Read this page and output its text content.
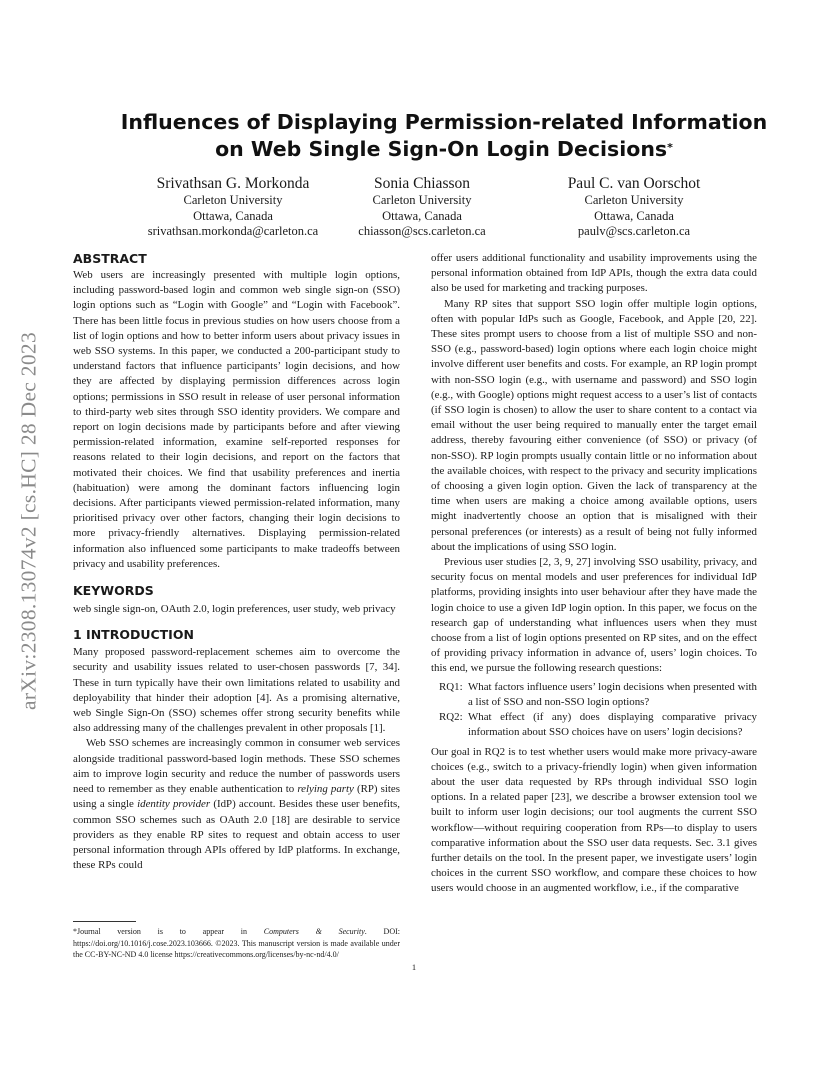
arXiv:2308.13074v2 [cs.HC] 28 Dec 2023
Influences of Displaying Permission-related Information
on Web Single Sign-On Login Decisions*
Srivathsan G. Morkonda
Carleton University
Ottawa, Canada
srivathsan.morkonda@carleton.ca
Sonia Chiasson
Carleton University
Ottawa, Canada
chiasson@scs.carleton.ca
Paul C. van Oorschot
Carleton University
Ottawa, Canada
paulv@scs.carleton.ca
ABSTRACT

Web users are increasingly presented with multiple login options, including password-based login and common web single sign-on (SSO) login options such as “Login with Google” and “Login with Facebook”. There has been little focus in previous studies on how users choose from a list of login options and how to better inform users about privacy issues in web SSO systems. In this paper, we conducted a 200-participant study to understand factors that influence participants’ login decisions, and how they are affected by displaying permission differences across login options; permissions in SSO result in release of user personal information to third-party web sites through SSO identity providers. We compare and report on login decisions made by participants before and after viewing permission-related information, examine self-reported responses for reasons related to their login decisions, and report on the factors that motivated their choices. We find that usability preferences and inertia (habituation) were among the dominant factors influencing login decisions. After participants viewed permission-related information, many prioritised privacy over other factors, changing their login decisions to more privacy-friendly alternatives. Displaying permission-related information also influenced some participants to make tradeoffs between privacy and usability preferences.

KEYWORDS

web single sign-on, OAuth 2.0, login preferences, user study, web privacy

1 INTRODUCTION

Many proposed password-replacement schemes aim to overcome the security and usability issues related to user-chosen passwords [7, 34]. These in turn typically have their own limitations related to usability and deployability that hinder their adoption [4]. As a promising alternative, web Single Sign-On (SSO) schemes offer strong security benefits while also addressing many of the challenges prevalent in other proposals [1].

Web SSO schemes are increasingly common in consumer web services alongside traditional password-based login methods. These SSO schemes aim to improve login security and reduce the number of passwords users need to remember as they enable authentication to relying party (RP) sites using a single identity provider (IdP) account. Besides these user benefits, common SSO schemes such as OAuth 2.0 [18] are desirable to service providers as they enable RP sites to request and obtain access to user personal information through APIs offered by IdP platforms. In exchange, these RPs could

*Journal version is to appear in Computers & Security. DOI: https://doi.org/10.1016/j.cose.2023.103666. ©2023. This manuscript version is made available under the CC-BY-NC-ND 4.0 license https://creativecommons.org/licenses/by-nc-nd/4.0/

offer users additional functionality and usability improvements using the personal information obtained from IdP APIs, though the extra data could also be used for marketing and tracking purposes.

Many RP sites that support SSO login offer multiple login options, often with popular IdPs such as Google, Facebook, and Apple [20, 22]. These sites prompt users to choose from a list of multiple SSO and non-SSO (e.g., password-based) login options where each login choice might involve different user benefits and costs. For example, an RP login prompt with non-SSO login (e.g., with username and password) and SSO login (e.g., with Google) options might request access to a user’s list of contacts (if SSO login is chosen) to allow the user to share content to a contact via email without the user being required to manually enter the target email address, thereby favouring either convenience (of SSO) or privacy (of non-SSO). RP login prompts usually contain little or no information about the available choices, with respect to the privacy and security implications of choosing a given login option. Given the lack of transparency at the time when users are making a choice among available options, users might inadvertently choose an option that is misaligned with their personal preferences (or interests) as a result of being not fully informed about the implications of using SSO login.

Previous user studies [2, 3, 9, 27] involving SSO usability, privacy, and security focus on mental models and user preferences for individual IdP platforms, providing insights into user behaviour after they have made the login choice to use a given IdP login option. In this paper, we focus on the research gap of understanding what influences users when they must choose from a list of login options presented on RP sites, and on the effect of providing privacy information in advance of, users’ login choices. To this end, we pursue the following research questions:

RQ1: What factors influence users’ login decisions when presented with a list of SSO and non-SSO login options?
RQ2: What effect (if any) does displaying comparative privacy information about SSO choices have on users’ login decisions?

Our goal in RQ2 is to test whether users would make more privacy-aware choices (e.g., switch to a privacy-friendly login) when given information about the user data requested by RPs through individual SSO login options. In a related paper [23], we describe a browser extension tool we built to inform user login decisions; our tool augments the current SSO workflow—without requiring cooperation from RPs—to display to users comparative information about the SSO user data requests. Sec. 3.1 gives further details on the tool. In the present paper, we investigate users’ login choices in the current SSO workflow, and compare these choices to how users would choose in an augmented workflow, i.e., if the comparative

1
